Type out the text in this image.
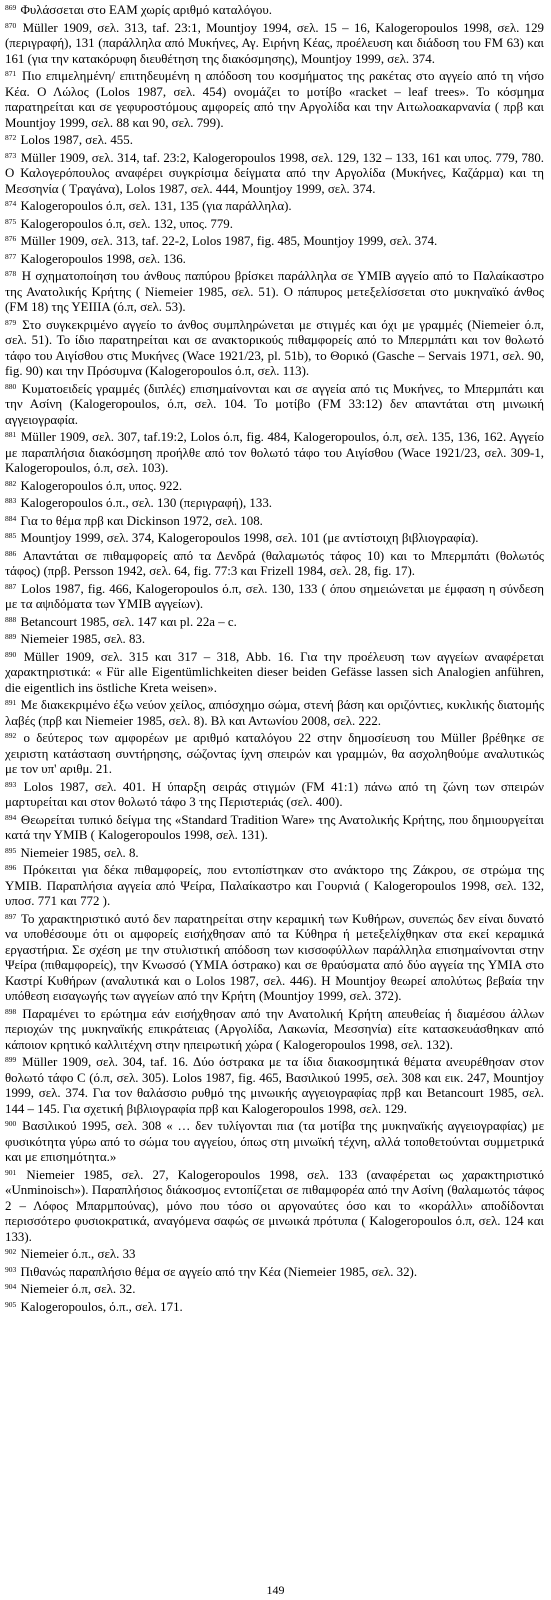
$^{869}$ Φυλάσσεται στο ΕΑΜ χωρίς αριθμό καταλόγου.

$^{870}$ Müller 1909, σελ. 313, taf. 23:1, Mountjoy 1994, σελ. 15 – 16, Kalogeropoulos 1998, σελ. 129 (περιγραφή), 131 (παράλληλα από Μυκήνες, Αγ. Ειρήνη Κέας, προέλευση και διάδοση του FM 63) και 161 (για την κατακόρυφη διευθέτηση της διακόσμησης), Mountjoy 1999, σελ. 374.

$^{871}$ Πιο επιμελημένη/ επιτηδευμένη η απόδοση του κοσμήματος της ρακέτας στο αγγείο από τη νήσο Κέα. Ο Λώλος (Lolos 1987, σελ. 454) ονομάζει το μοτίβο «racket – leaf trees». Το κόσμημα παρατηρείται και σε γεφυροστόμους αμφορείς από την Αργολίδα και την Αιτωλοακαρνανία ( πρβ και Mountjoy 1999, σελ. 88 και 90, σελ. 799).

$^{872}$ Lolos 1987, σελ. 455.

$^{873}$ Müller 1909, σελ. 314, taf. 23:2, Kalogeropoulos 1998, σελ. 129, 132 – 133, 161 και υπος. 779, 780. Ο Καλογερόπουλος αναφέρει συγκρίσιμα δείγματα από την Αργολίδα (Μυκήνες, Καζάρμα) και τη Μεσσηνία ( Τραγάνα), Lolos 1987, σελ. 444, Mountjoy 1999, σελ. 374.

$^{874}$ Kalogeropoulos ό.π, σελ. 131, 135 (για παράλληλα).

$^{875}$ Kalogeropoulos ό.π, σελ. 132, υπος. 779.

$^{876}$ Müller 1909, σελ. 313, taf. 22-2, Lolos 1987, fig. 485, Mountjoy 1999, σελ. 374.

$^{877}$ Kalogeropoulos 1998, σελ. 136.

$^{878}$ Η σχηματοποίηση του άνθους παπύρου βρίσκει παράλληλα σε ΥΜΙΒ αγγείο από το Παλαίκαστρο της Ανατολικής Κρήτης ( Niemeier 1985, σελ. 51). Ο πάπυρος μετεξελίσσεται στο μυκηναϊκό άνθος (FM 18) της ΥΕΙΙΙΑ (ό.π, σελ. 53).

$^{879}$ Στο συγκεκριμένο αγγείο το άνθος συμπληρώνεται με στιγμές και όχι με γραμμές (Niemeier ό.π, σελ. 51). Το ίδιο παρατηρείται και σε ανακτορικούς πιθαμφορείς από το Μπερμπάτι και τον θολωτό τάφο του Αιγίσθου στις Μυκήνες (Wace 1921/23, pl. 51b), το Θορικό (Gasche – Servais 1971, σελ. 90, fig. 90) και την Πρόσυμνα (Kalogeropoulos ό.π, σελ. 113).

$^{880}$ Κυματοειδείς γραμμές (διπλές) επισημαίνονται και σε αγγεία από τις Μυκήνες, το Μπερμπάτι και την Ασίνη (Kalogeropoulos, ό.π, σελ. 104. Το μοτίβο (FM 33:12) δεν απαντάται στη μινωική αγγειογραφία.

$^{881}$ Müller 1909, σελ. 307, taf.19:2, Lolos ό.π, fig. 484, Kalogeropoulos, ό.π, σελ. 135, 136, 162. Αγγείο με παραπλήσια διακόσμηση προήλθε από τον θολωτό τάφο του Αιγίσθου (Wace 1921/23, σελ. 309-1, Kalogeropoulos, ό.π, σελ. 103).

$^{882}$ Kalogeropoulos ό.π, υπος. 922.

$^{883}$ Kalogeropoulos ό.π., σελ. 130 (περιγραφή), 133.

$^{884}$ Για το θέμα πρβ και Dickinson 1972, σελ. 108.

$^{885}$ Mountjoy 1999, σελ. 374, Kalogeropoulos 1998, σελ. 101 (με αντίστοιχη βιβλιογραφία).

$^{886}$ Απαντάται σε πιθαμφορείς από τα Δενδρά (θαλαμωτός τάφος 10) και το Μπερμπάτι (θολωτός τάφος) (πρβ. Persson 1942, σελ. 64, fig. 77:3 και Frizell 1984, σελ. 28, fig. 17).

$^{887}$ Lolos 1987, fig. 466, Kalogeropoulos ό.π, σελ. 130, 133 ( όπου σημειώνεται με έμφαση η σύνδεση με τα αψιδόματα των ΥΜΙΒ αγγείων).

$^{888}$ Betancourt 1985, σελ. 147 και pl. 22a – c.

$^{889}$ Niemeier 1985, σελ. 83.

$^{890}$ Müller 1909, σελ. 315 και 317 – 318, Abb. 16. Για την προέλευση των αγγείων αναφέρεται χαρακτηριστικά: « Für alle Eigentümlichkeiten dieser beiden Gefässe lassen sich Analogien anführen, die eigentlich ins östliche Kreta weisen».

$^{891}$ Με διακεκριμένο έξω νεύον χείλος, απιόσχημο σώμα, στενή βάση και οριζόντιες, κυκλικής διατομής λαβές (πρβ και Niemeier 1985, σελ. 8). Βλ και Αντωνίου 2008, σελ. 222.

$^{892}$ ο δεύτερος των αμφορέων με αριθμό καταλόγου 22 στην δημοσίευση του Müller βρέθηκε σε χειριστη κατάσταση συντήρησης, σώζοντας ίχνη σπειρών και γραμμών, θα ασχοληθούμε αναλυτικώς με τον υπ' αριθμ. 21.

$^{893}$ Lolos 1987, σελ. 401. Η ύπαρξη σειράς στιγμών (FM 41:1) πάνω από τη ζώνη των σπειρών μαρτυρείται και στον θολωτό τάφο 3 της Περιστεριάς (σελ. 400).

$^{894}$ Θεωρείται τυπικό δείγμα της «Standard Tradition Ware» της Ανατολικής Κρήτης, που δημιουργείται κατά την ΥΜΙΒ ( Kalogeropoulos 1998, σελ. 131).

$^{895}$ Niemeier 1985, σελ. 8.

$^{896}$ Πρόκειται για δέκα πιθαμφορείς, που εντοπίστηκαν στο ανάκτορο της Ζάκρου, σε στρώμα της ΥΜΙΒ. Παραπλήσια αγγεία από Ψείρα, Παλαίκαστρο και Γουρνιά ( Kalogeropoulos 1998, σελ. 132, υποσ. 771 και 772 ).

$^{897}$ Το χαρακτηριστικό αυτό δεν παρατηρείται στην κεραμική των Κυθήρων, συνεπώς δεν είναι δυνατό να υποθέσουμε ότι οι αμφορείς εισήχθησαν από τα Κύθηρα ή μετεξελίχθηκαν στα εκεί κεραμικά εργαστήρια. Σε σχέση με την στυλιστική απόδοση των κισσοφύλλων παράλληλα επισημαίνονται στην Ψείρα (πιθαμφορείς), την Κνωσσό (ΥΜΙΑ όστρακο) και σε θραύσματα από δύο αγγεία της ΥΜΙΑ στο Καστρί Κυθήρων (αναλυτικά και ο Lolos 1987, σελ. 446). Η Mountjoy θεωρεί απολύτως βεβαία την υπόθεση εισαγωγής των αγγείων από την Κρήτη (Mountjoy 1999, σελ. 372).

$^{898}$ Παραμένει το ερώτημα εάν εισήχθησαν από την Ανατολική Κρήτη απευθείας ή διαμέσου άλλων περιοχών της μυκηναϊκής επικράτειας (Αργολίδα, Λακωνία, Μεσσηνία) είτε κατασκευάσθηκαν από κάποιον κρητικό καλλιτέχνη στην ηπειρωτική χώρα ( Kalogeropoulos 1998, σελ. 132).

$^{899}$ Müller 1909, σελ. 304, taf. 16. Δύο όστρακα με τα ίδια διακοσμητικά θέματα ανευρέθησαν στον θολωτό τάφο C (ό.π, σελ. 305). Lolos 1987, fig. 465, Βασιλικού 1995, σελ. 308 και εικ. 247, Mountjoy 1999, σελ. 374. Για τον θαλάσσιο ρυθμό της μινωικής αγγειογραφίας πρβ και Betancourt 1985, σελ. 144 – 145. Για σχετική βιβλιογραφία πρβ και Kalogeropoulos 1998, σελ. 129.

$^{900}$ Βασιλικού 1995, σελ. 308 « … δεν τυλίγονται πια (τα μοτίβα της μυκηναϊκής αγγειογραφίας) με φυσικότητα γύρω από το σώμα του αγγείου, όπως στη μινωϊκή τέχνη, αλλά τοποθετούνται συμμετρικά και με επισημότητα.»

$^{901}$ Niemeier 1985, σελ. 27, Kalogeropoulos 1998, σελ. 133 (αναφέρεται ως χαρακτηριστικό «Unminoisch»). Παραπλήσιος διάκοσμος εντοπίζεται σε πιθαμφορέα από την Ασίνη (θαλαμωτός τάφος 2 – Λόφος Μπαρμπούνας), μόνο που τόσο οι αργοναύτες όσο και το «κοράλλι» αποδίδονται περισσότερο φυσιοκρατικά, αναγόμενα σαφώς σε μινωικά πρότυπα ( Kalogeropoulos ό.π, σελ. 124 και 133).

$^{902}$ Niemeier ό.π., σελ. 33

$^{903}$ Πιθανώς παραπλήσιο θέμα σε αγγείο από την Κέα (Niemeier 1985, σελ. 32).

$^{904}$ Niemeier ό.π, σελ. 32.

$^{905}$ Kalogeropoulos, ό.π., σελ. 171.

149
